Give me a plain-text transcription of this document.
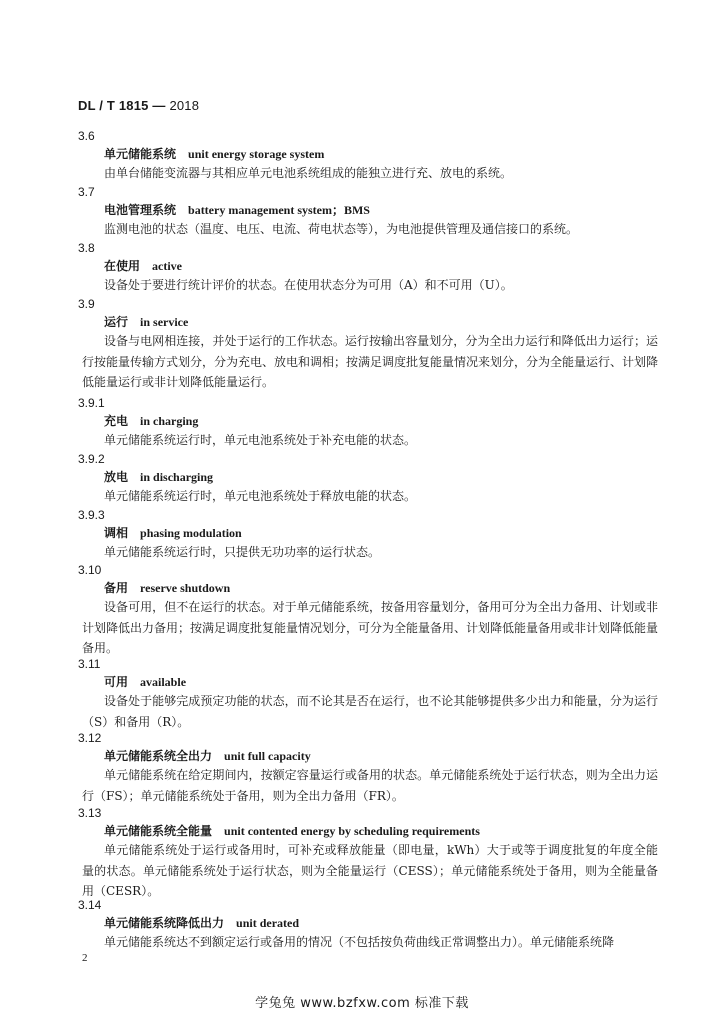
DL / T 1815 — 2018
3.6
单元储能系统 unit energy storage system

由单台储能变流器与其相应单元电池系统组成的能独立进行充、放电的系统。

3.7
电池管理系统 battery management system；BMS

监测电池的状态（温度、电压、电流、荷电状态等），为电池提供管理及通信接口的系统。

3.8
在使用 active

设备处于要进行统计评价的状态。在使用状态分为可用（A）和不可用（U）。

3.9
运行 in service

设备与电网相连接，并处于运行的工作状态。运行按输出容量划分，分为全出力运行和降低出力运行；运行按能量传输方式划分，分为充电、放电和调相；按满足调度批复能量情况来划分，分为全能量运行、计划降低能量运行或非计划降低能量运行。

3.9.1
充电 in charging

单元储能系统运行时，单元电池系统处于补充电能的状态。

3.9.2
放电 in discharging

单元储能系统运行时，单元电池系统处于释放电能的状态。

3.9.3
调相 phasing modulation

单元储能系统运行时，只提供无功功率的运行状态。

3.10
备用 reserve shutdown

设备可用，但不在运行的状态。对于单元储能系统，按备用容量划分，备用可分为全出力备用、计划或非计划降低出力备用；按满足调度批复能量情况划分，可分为全能量备用、计划降低能量备用或非计划降低能量备用。

3.11
可用 available

设备处于能够完成预定功能的状态，而不论其是否在运行，也不论其能够提供多少出力和能量，分为运行（S）和备用（R）。

3.12
单元储能系统全出力 unit full capacity

单元储能系统在给定期间内，按额定容量运行或备用的状态。单元储能系统处于运行状态，则为全出力运行（FS）；单元储能系统处于备用，则为全出力备用（FR）。

3.13
单元储能系统全能量 unit contented energy by scheduling requirements

单元储能系统处于运行或备用时，可补充或释放能量（即电量，kWh）大于或等于调度批复的年度全能量的状态。单元储能系统处于运行状态，则为全能量运行（CESS）；单元储能系统处于备用，则为全能量备用（CESR）。

3.14
单元储能系统降低出力 unit derated

单元储能系统达不到额定运行或备用的情况（不包括按负荷曲线正常调整出力）。单元储能系统降

2
学兔兔 www.bzfxw.com 标准下载
